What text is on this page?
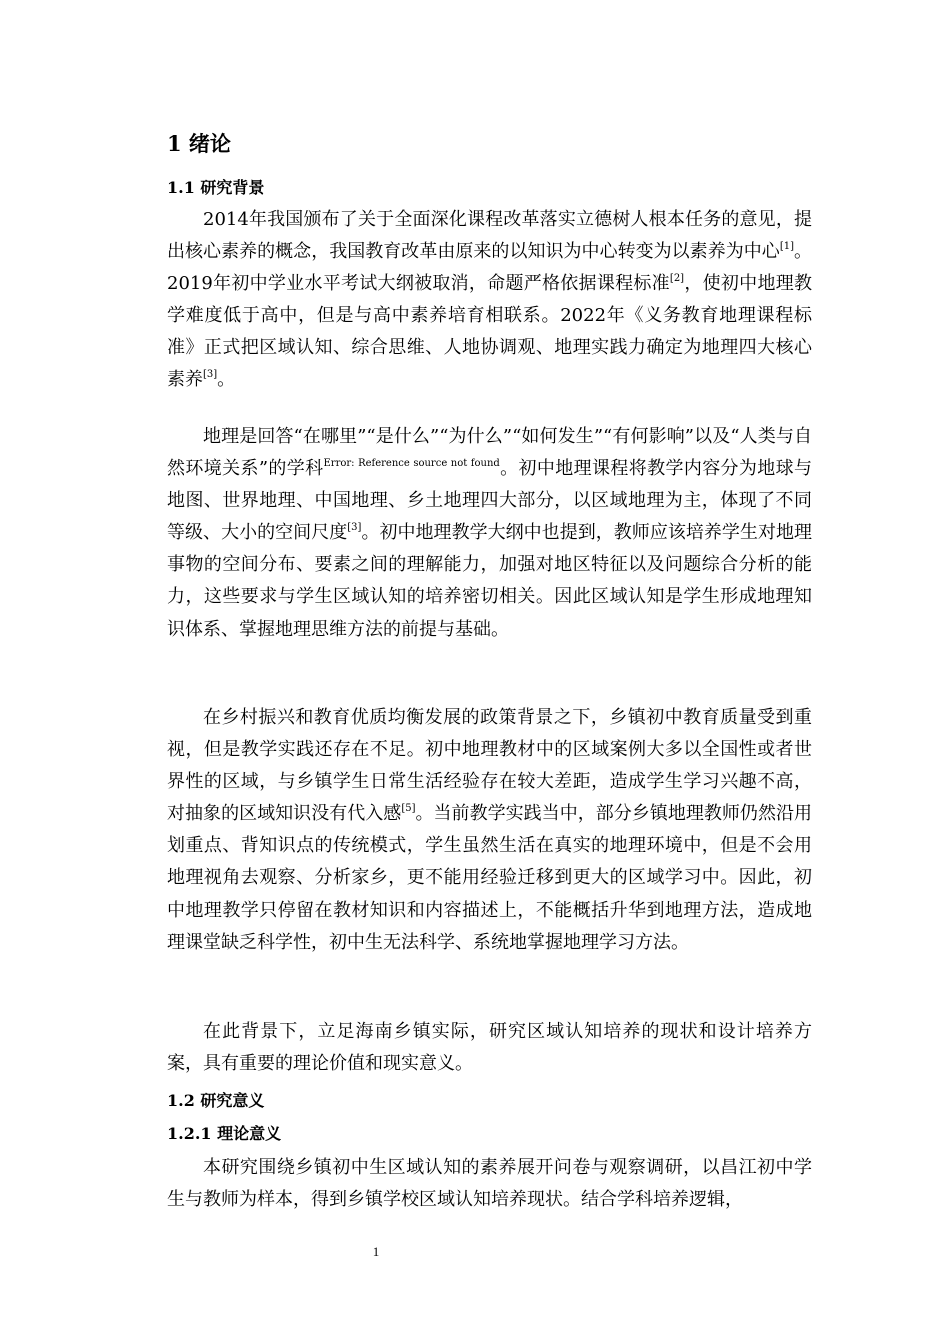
1 绪论
1.1 研究背景

2014年我国颁布了关于全面深化课程改革落实立德树人根本任务的意见，提出核心素养的概念，我国教育改革由原来的以知识为中心转变为以素养为中心[1]。2019年初中学业水平考试大纲被取消，命题严格依据课程标准[2]，使初中地理教学难度低于高中，但是与高中素养培育相联系。2022年《义务教育地理课程标准》正式把区域认知、综合思维、人地协调观、地理实践力确定为地理四大核心素养[3]。

地理是回答“在哪里”“是什么”“为什么”“如何发生”“有何影响”以及“人类与自然环境关系”的学科$^{Error: Reference source not found}$。初中地理课程将教学内容分为地球与地图、世界地理、中国地理、乡土地理四大部分，以区域地理为主，体现了不同等级、大小的空间尺度[3]。初中地理教学大纲中也提到，教师应该培养学生对地理事物的空间分布、要素之间的理解能力，加强对地区特征以及问题综合分析的能力，这些要求与学生区域认知的培养密切相关。因此区域认知是学生形成地理知识体系、掌握地理思维方法的前提与基础。

在乡村振兴和教育优质均衡发展的政策背景之下，乡镇初中教育质量受到重视，但是教学实践还存在不足。初中地理教材中的区域案例大多以全国性或者世界性的区域，与乡镇学生日常生活经验存在较大差距，造成学生学习兴趣不高，对抽象的区域知识没有代入感[5]。当前教学实践当中，部分乡镇地理教师仍然沿用划重点、背知识点的传统模式，学生虽然生活在真实的地理环境中，但是不会用地理视角去观察、分析家乡，更不能用经验迁移到更大的区域学习中。因此，初中地理教学只停留在教材知识和内容描述上，不能概括升华到地理方法，造成地理课堂缺乏科学性，初中生无法科学、系统地掌握地理学习方法。

在此背景下，立足海南乡镇实际，研究区域认知培养的现状和设计培养方案，具有重要的理论价值和现实意义。

1.2 研究意义
1.2.1 理论意义

本研究围绕乡镇初中生区域认知的素养展开问卷与观察调研，以昌江初中学生与教师为样本，得到乡镇学校区域认知培养现状。结合学科培养逻辑，

1
